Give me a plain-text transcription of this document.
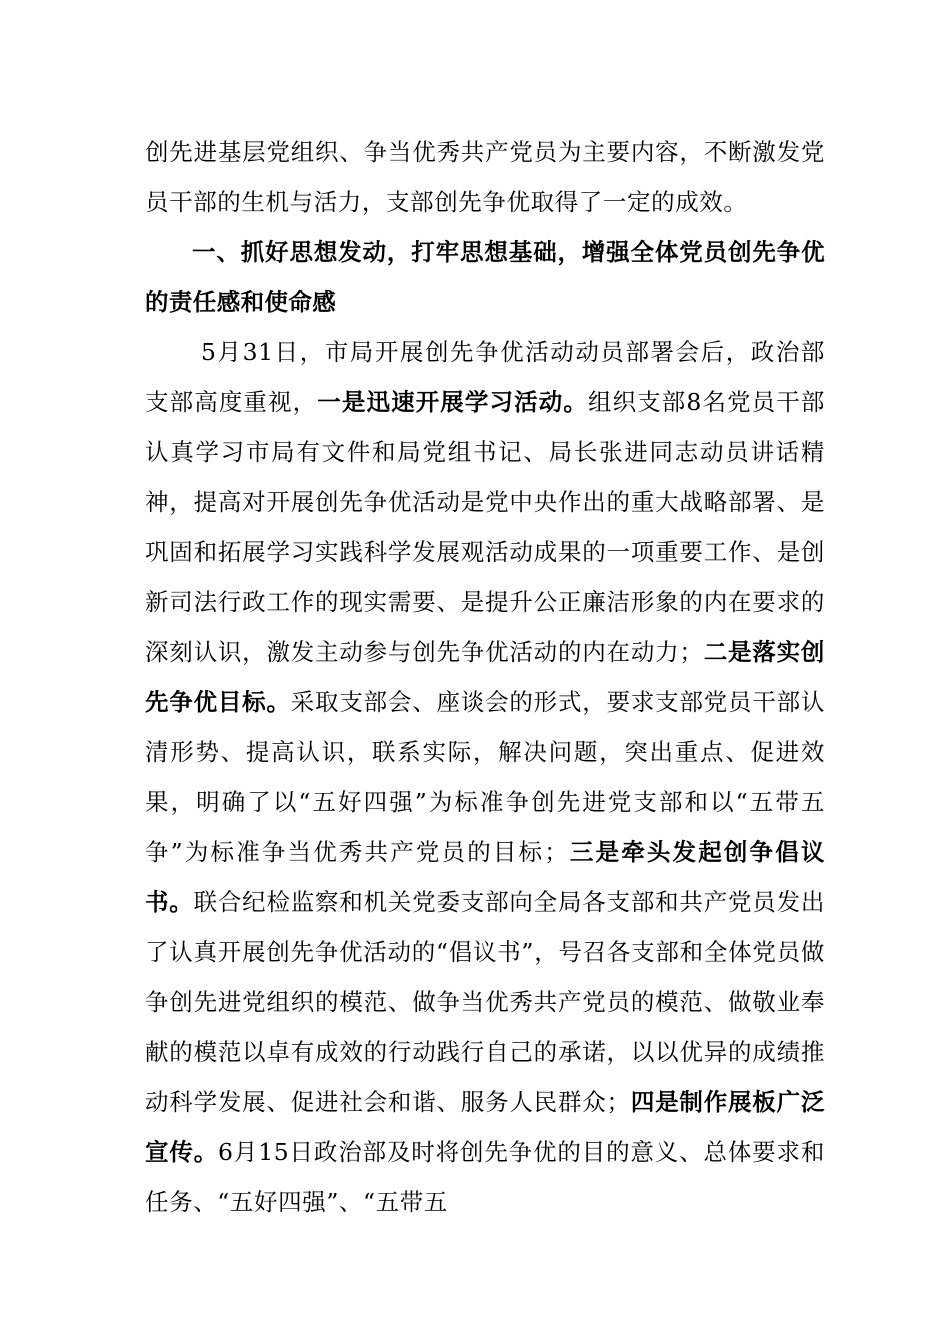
创先进基层党组织、争当优秀共产党员为主要内容，不断激发党员干部的生机与活力，支部创先争优取得了一定的成效。

一、抓好思想发动，打牢思想基础，增强全体党员创先争优的责任感和使命感

5月31日，市局开展创先争优活动动员部署会后，政治部支部高度重视，一是迅速开展学习活动。组织支部8名党员干部认真学习市局有文件和局党组书记、局长张进同志动员讲话精神，提高对开展创先争优活动是党中央作出的重大战略部署、是巩固和拓展学习实践科学发展观活动成果的一项重要工作、是创新司法行政工作的现实需要、是提升公正廉洁形象的内在要求的深刻认识，激发主动参与创先争优活动的内在动力；二是落实创先争优目标。采取支部会、座谈会的形式，要求支部党员干部认清形势、提高认识，联系实际，解决问题，突出重点、促进效果，明确了以“五好四强”为标准争创先进党支部和以“五带五争”为标准争当优秀共产党员的目标；三是牵头发起创争倡议书。联合纪检监察和机关党委支部向全局各支部和共产党员发出了认真开展创先争优活动的“倡议书”，号召各支部和全体党员做争创先进党组织的模范、做争当优秀共产党员的模范、做敬业奉献的模范以卓有成效的行动践行自己的承诺，以以优异的成绩推动科学发展、促进社会和谐、服务人民群众；四是制作展板广泛宣传。6月15日政治部及时将创先争优的目的意义、总体要求和任务、“五好四强”、“五带五
